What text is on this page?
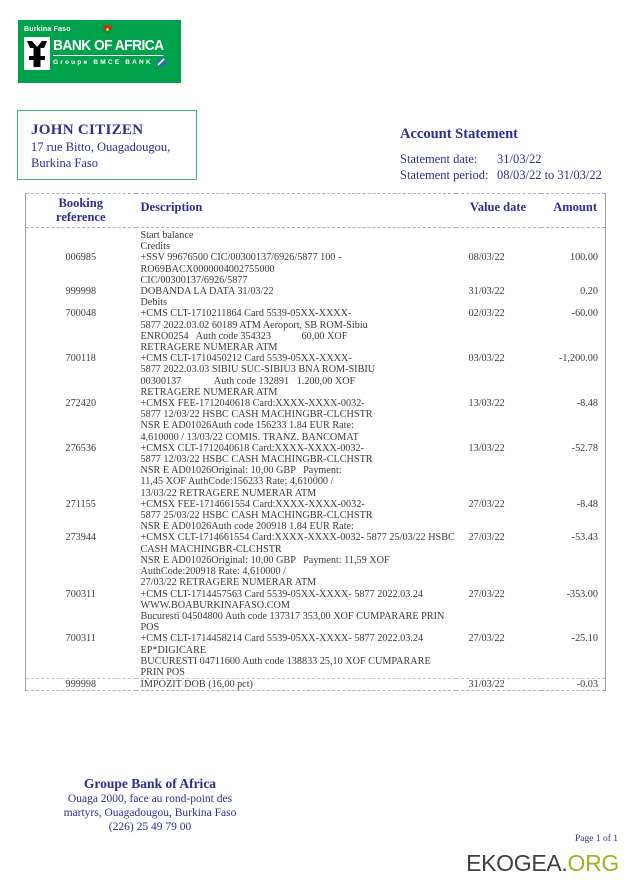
Burkina Faso
BANK OF AFRICA
Groupe BMCE BANK
JOHN CITIZEN
17 rue Bitto, Ouagadougou,
Burkina Faso
Account Statement
Statement date:	31/03/22
Statement period: 08/03/22 to 31/03/22
Booking reference	Description	Value date	Amount

	Start balance		

	Credits		

006985	+SSV 99676500 CIC/00300137/6926/5877 100 -
RO69BACX0000004002755000
CIC/00300137/6926/5877	08/03/22	100.00
999998	DOBANDA LA DATA 31/03/22	31/03/22	0.20

	Debits		

700048	+CMS CLT-1710211864 Card 5539-05XX-XXXX-
5877 2022.03.02 60189 ATM Aeroport, SB ROM-Sibiu
ENRO0254   Auth code 354323            60,00 XOF
RETRAGERE NUMERAR ATM	02/03/22	-60.00
700118	+CMS CLT-1710450212 Card 5539-05XX-XXXX-
5877 2022.03.03 SIBIU SUC-SIBIU3 BNA ROM-SIBIU
00300137             Auth code 132891   1.200,00 XOF
RETRAGERE NUMERAR ATM	03/03/22	-1,200.00
272420	+CMSX FEE-1712040618 Card:XXXX-XXXX-0032-
5877 12/03/22 HSBC CASH MACHINGBR-CLCHSTR
NSR E AD01026Auth code 156233 1.84 EUR Rate:
4,610000 / 13/03/22 COMIS. TRANZ. BANCOMAT	13/03/22	-8.48
276536	+CMSX CLT-1712040618 Card:XXXX-XXXX-0032-
5877 12/03/22 HSBC CASH MACHINGBR-CLCHSTR
NSR E AD01026Original: 10,00 GBP   Payment:
11,45 XOF AuthCode:156233 Rate: 4,610000 /
13/03/22 RETRAGERE NUMERAR ATM	13/03/22	-52.78
271155	+CMSX FEE-1714661554 Card:XXXX-XXXX-0032-
5877 25/03/22 HSBC CASH MACHINGBR-CLCHSTR
NSR E AD01026Auth code 200918 1.84 EUR Rate:	27/03/22	-8.48
273944	+CMSX CLT-1714661554 Card:XXXX-XXXX-0032- 5877 25/03/22 HSBC
CASH MACHINGBR-CLCHSTR
NSR E AD01026Original: 10,00 GBP   Payment: 11,59 XOF
AuthCode:200918 Rate: 4,610000 /
27/03/22 RETRAGERE NUMERAR ATM	27/03/22	-53.43
700311	+CMS CLT-1714457563 Card 5539-05XX-XXXX- 5877 2022.03.24
WWW.BOABURKINAFASO.COM
Bucuresti 04504800 Auth code 137317 353,00 XOF CUMPARARE PRIN
POS	27/03/22	-353.00
700311	+CMS CLT-1714458214 Card 5539-05XX-XXXX- 5877 2022.03.24
EP*DIGICARE
BUCURESTI 04711600 Auth code 138833 25,10 XOF CUMPARARE
PRIN POS	27/03/22	-25.10
999998	IMPOZIT DOB (16,00 pct)	31/03/22	-0.03
Groupe Bank of Africa
Ouaga 2000, face au rond-point des
martyrs, Ouagadougou, Burkina Faso
(226) 25 49 79 00
Page 1 of 1
EKOGEA.ORG
